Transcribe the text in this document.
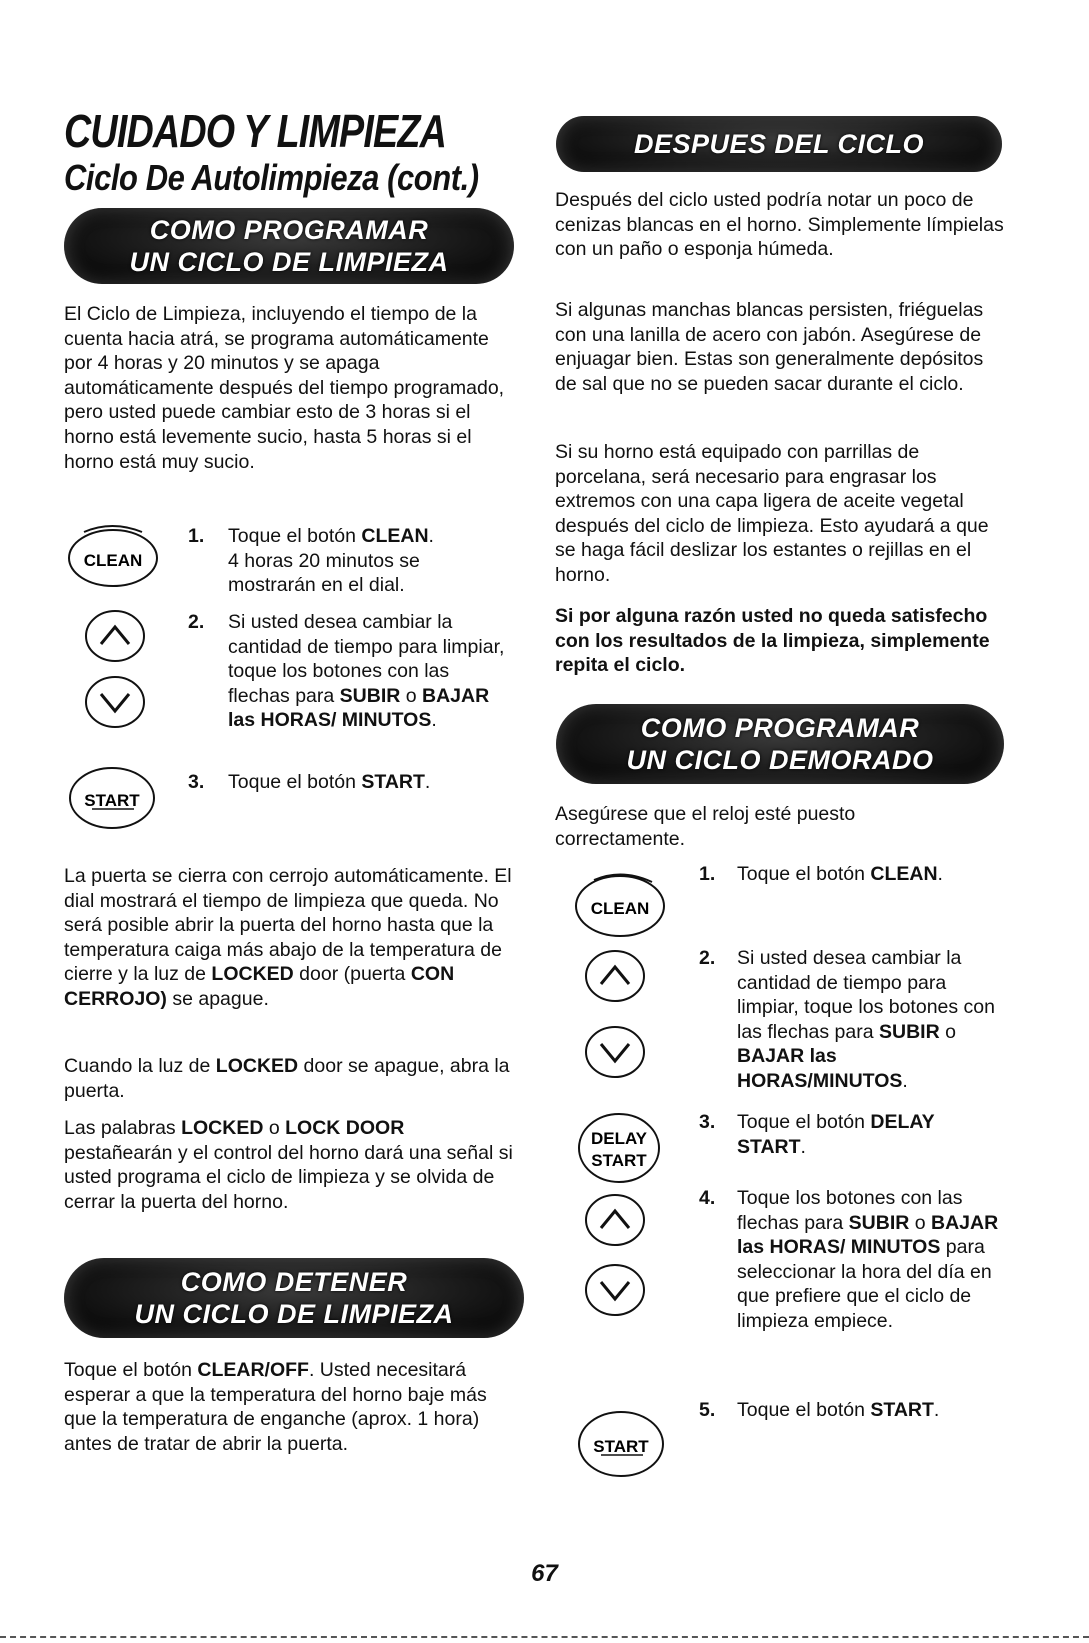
CUIDADO Y LIMPIEZA
Ciclo De Autolimpieza (cont.)
COMO PROGRAMAR
UN CICLO DE LIMPIEZA
El Ciclo de Limpieza, incluyendo el tiempo de la cuenta hacia atrá, se programa automáticamente por 4 horas y 20 minutos y se apaga automáticamente después del tiempo programado, pero usted puede cambiar esto de 3 horas si el horno está levemente sucio, hasta 5 horas si el horno está muy sucio.
CLEAN
START
1. Toque el botón CLEAN.
4 horas 20 minutos se mostrarán en el dial.
2. Si usted desea cambiar la cantidad de tiempo para limpiar, toque los botones con las flechas para SUBIR o BAJAR las HORAS/ MINUTOS.
3. Toque el botón START.
La puerta se cierra con cerrojo automáticamente. El dial mostrará el tiempo de limpieza que queda. No será posible abrir la puerta del horno hasta que la temperatura caiga más abajo de la temperatura de cierre y la luz de LOCKED door (puerta CON CERROJO) se apague.
Cuando la luz de LOCKED door se apague, abra la puerta.
Las palabras LOCKED o LOCK DOOR pestañearán y el control del horno dará una señal si usted programa el ciclo de limpieza y se olvida de cerrar la puerta del horno.
COMO DETENER
UN CICLO DE LIMPIEZA
Toque el botón CLEAR/OFF. Usted necesitará esperar a que la temperatura del horno baje más que la temperatura de enganche (aprox. 1 hora) antes de tratar de abrir la puerta.
DESPUES DEL CICLO
Después del ciclo usted podría notar un poco de cenizas blancas en el horno. Simplemente límpielas con un paño o esponja húmeda.
Si algunas manchas blancas persisten, friéguelas con una lanilla de acero con jabón. Asegúrese de enjuagar bien. Estas son generalmente depósitos de sal que no se pueden sacar durante el ciclo.
Si su horno está equipado con parrillas de porcelana, será necesario para engrasar los extremos con una capa ligera de aceite vegetal después del ciclo de limpieza. Esto ayudará a que se haga fácil deslizar los estantes o rejillas en el horno.
Si por alguna razón usted no queda satisfecho con los resultados de la limpieza, simplemente repita el ciclo.
COMO PROGRAMAR
UN CICLO DEMORADO
Asegúrese que el reloj esté puesto correctamente.
CLEAN
DELAY
START
START
1. Toque el botón CLEAN.
2. Si usted desea cambiar la cantidad de tiempo para limpiar, toque los botones con las flechas para SUBIR o BAJAR las HORAS/MINUTOS.
3. Toque el botón DELAY START.
4. Toque los botones con las flechas para SUBIR o BAJAR las HORAS/ MINUTOS para seleccionar la hora del día en que prefiere que el ciclo de limpieza empiece.
5. Toque el botón START.
67
